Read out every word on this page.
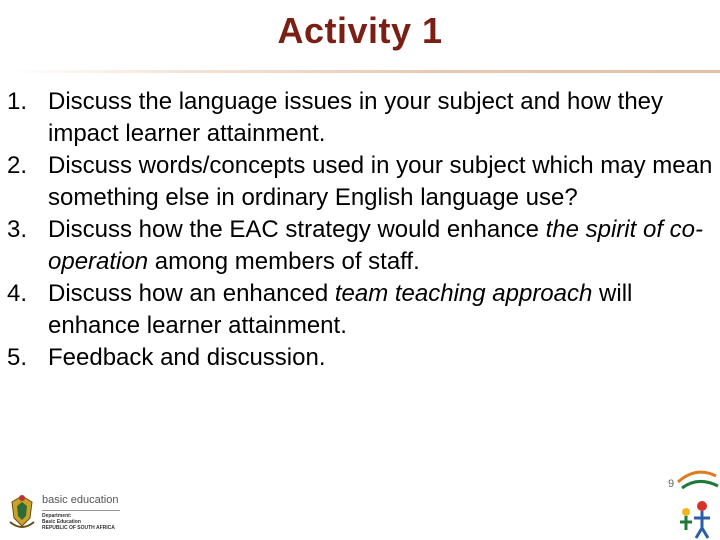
Activity 1
1. Discuss the language issues in your subject and how they impact learner attainment.
2. Discuss words/concepts used in your subject which may mean something else in ordinary English language use?
3. Discuss how the EAC strategy would enhance the spirit of co-operation among members of staff.
4. Discuss how an enhanced team teaching approach will enhance learner attainment.
5. Feedback and discussion.
basic education
Department:
Basic Education
REPUBLIC OF SOUTH AFRICA
9
